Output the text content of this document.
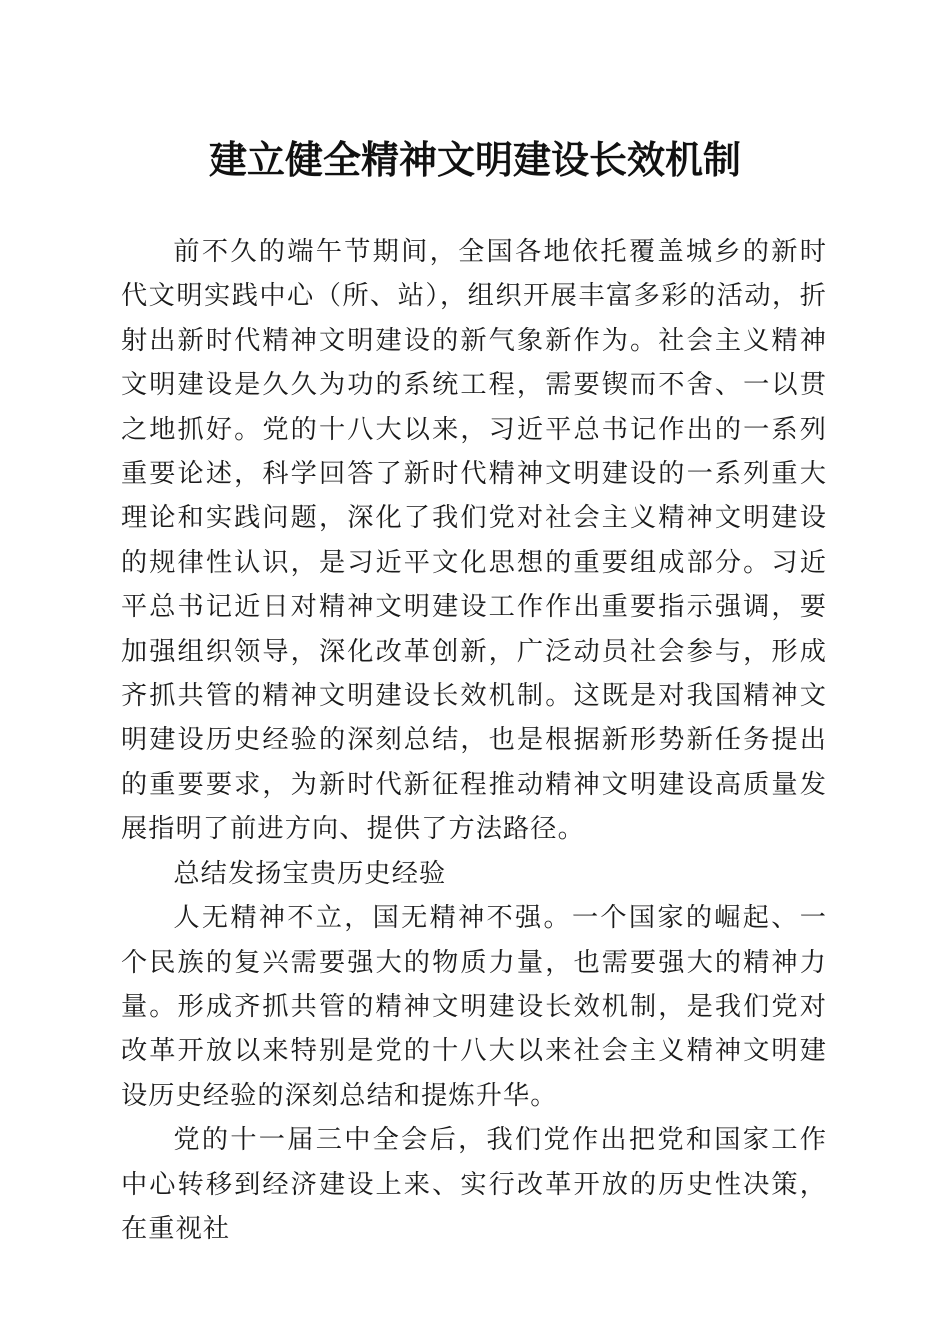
建立健全精神文明建设长效机制

前不久的端午节期间，全国各地依托覆盖城乡的新时代文明实践中心（所、站），组织开展丰富多彩的活动，折射出新时代精神文明建设的新气象新作为。社会主义精神文明建设是久久为功的系统工程，需要锲而不舍、一以贯之地抓好。党的十八大以来，习近平总书记作出的一系列重要论述，科学回答了新时代精神文明建设的一系列重大理论和实践问题，深化了我们党对社会主义精神文明建设的规律性认识，是习近平文化思想的重要组成部分。习近平总书记近日对精神文明建设工作作出重要指示强调，要加强组织领导，深化改革创新，广泛动员社会参与，形成齐抓共管的精神文明建设长效机制。这既是对我国精神文明建设历史经验的深刻总结，也是根据新形势新任务提出的重要要求，为新时代新征程推动精神文明建设高质量发展指明了前进方向、提供了方法路径。

总结发扬宝贵历史经验

人无精神不立，国无精神不强。一个国家的崛起、一个民族的复兴需要强大的物质力量，也需要强大的精神力量。形成齐抓共管的精神文明建设长效机制，是我们党对改革开放以来特别是党的十八大以来社会主义精神文明建设历史经验的深刻总结和提炼升华。

党的十一届三中全会后，我们党作出把党和国家工作中心转移到经济建设上来、实行改革开放的历史性决策，在重视社
